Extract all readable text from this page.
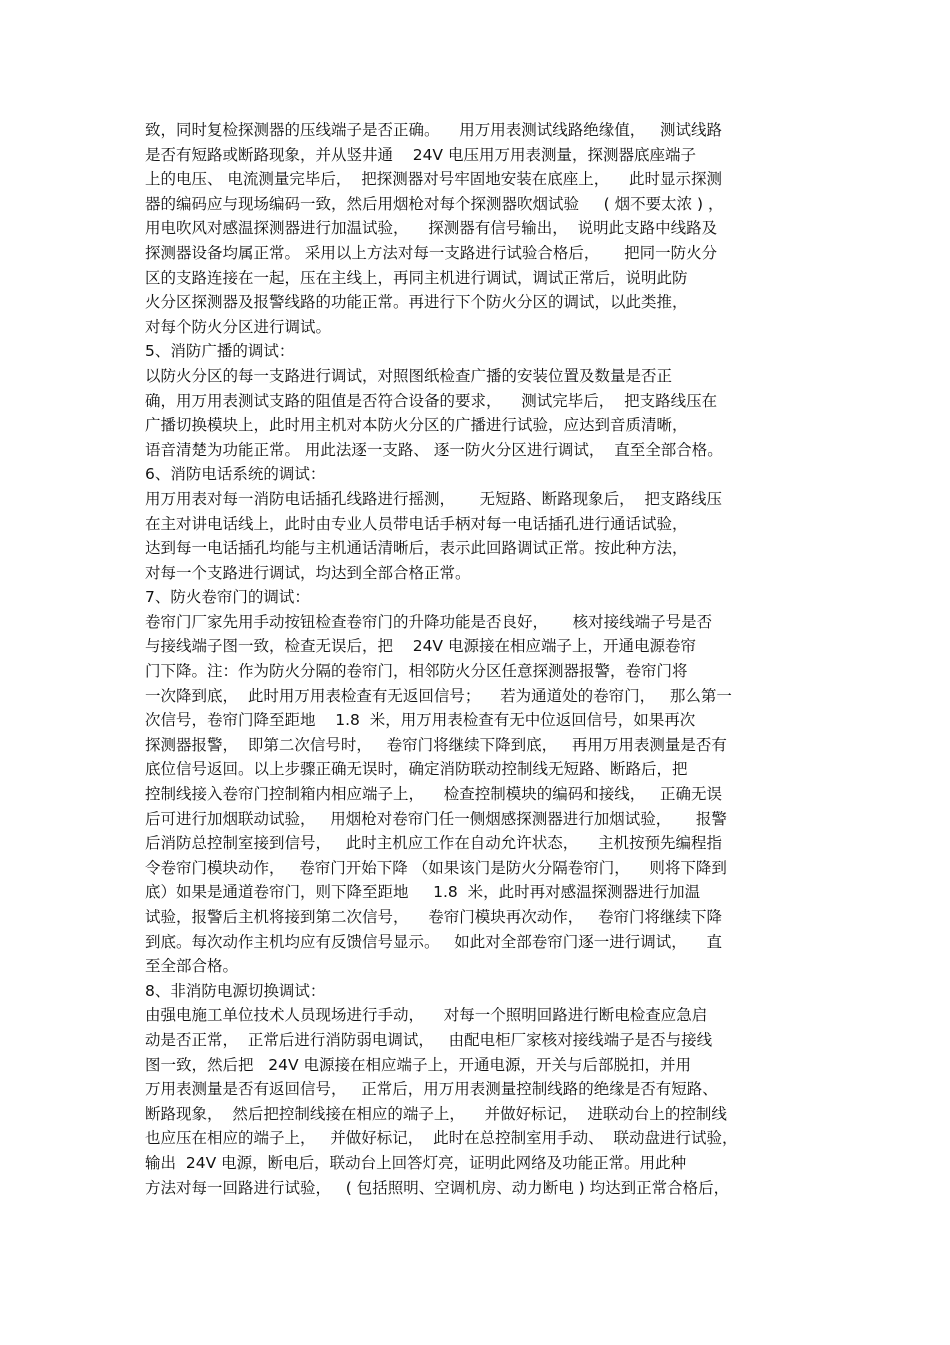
致，同时复检探测器的压线端子是否正确。    用万用表测试线路绝缘值，   测试线路
是否有短路或断路现象，并从竖井通    24V 电压用万用表测量，探测器底座端子
上的电压、 电流测量完毕后，  把探测器对号牢固地安装在底座上，    此时显示探测
器的编码应与现场编码一致，然后用烟枪对每个探测器吹烟试验     ( 烟不要太浓 ) ，
用电吹风对感温探测器进行加温试验，    探测器有信号输出，  说明此支路中线路及
探测器设备均属正常。 采用以上方法对每一支路进行试验合格后，     把同一防火分
区的支路连接在一起，压在主线上，再同主机进行调试，调试正常后，说明此防
火分区探测器及报警线路的功能正常。再进行下个防火分区的调试，以此类推，
对每个防火分区进行调试。
5、消防广播的调试：
以防火分区的每一支路进行调试，对照图纸检查广播的安装位置及数量是否正
确，用万用表测试支路的阻值是否符合设备的要求，    测试完毕后，  把支路线压在
广播切换模块上，此时用主机对本防火分区的广播进行试验，应达到音质清晰，
语音清楚为功能正常。 用此法逐一支路、 逐一防火分区进行调试，  直至全部合格。
6、消防电话系统的调试：
用万用表对每一消防电话插孔线路进行摇测，     无短路、断路现象后，  把支路线压
在主对讲电话线上，此时由专业人员带电话手柄对每一电话插孔进行通话试验，
达到每一电话插孔均能与主机通话清晰后，表示此回路调试正常。按此种方法，
对每一个支路进行调试，均达到全部合格正常。
7、防火卷帘门的调试：
卷帘门厂家先用手动按钮检查卷帘门的升降功能是否良好，     核对接线端子号是否
与接线端子图一致，检查无误后，把    24V 电源接在相应端子上，开通电源卷帘
门下降。注：作为防火分隔的卷帘门，相邻防火分区任意探测器报警，卷帘门将
一次降到底，  此时用万用表检查有无返回信号；    若为通道处的卷帘门，   那么第一
次信号，卷帘门降至距地    1.8  米，用万用表检查有无中位返回信号，如果再次
探测器报警，  即第二次信号时，   卷帘门将继续下降到底，   再用万用表测量是否有
底位信号返回。以上步骤正确无误时，确定消防联动控制线无短路、断路后，把
控制线接入卷帘门控制箱内相应端子上，    检查控制模块的编码和接线，   正确无误
后可进行加烟联动试验，   用烟枪对卷帘门任一侧烟感探测器进行加烟试验，     报警
后消防总控制室接到信号，   此时主机应工作在自动允许状态，    主机按预先编程指
令卷帘门模块动作，   卷帘门开始下降 （如果该门是防火分隔卷帘门，    则将下降到
底）如果是通道卷帘门，则下降至距地     1.8  米，此时再对感温探测器进行加温
试验，报警后主机将接到第二次信号，    卷帘门模块再次动作，   卷帘门将继续下降
到底。每次动作主机均应有反馈信号显示。   如此对全部卷帘门逐一进行调试，    直
至全部合格。
8、非消防电源切换调试：
由强电施工单位技术人员现场进行手动，    对每一个照明回路进行断电检查应急启
动是否正常，  正常后进行消防弱电调试，   由配电柜厂家核对接线端子是否与接线
图一致，然后把   24V 电源接在相应端子上，开通电源，开关与后部脱扣，并用
万用表测量是否有返回信号，   正常后，用万用表测量控制线路的绝缘是否有短路、
断路现象，  然后把控制线接在相应的端子上，    并做好标记，  进联动台上的控制线
也应压在相应的端子上，   并做好标记，  此时在总控制室用手动、  联动盘进行试验，
输出  24V 电源，断电后，联动台上回答灯亮，证明此网络及功能正常。用此种
方法对每一回路进行试验，   ( 包括照明、空调机房、动力断电 ) 均达到正常合格后，
